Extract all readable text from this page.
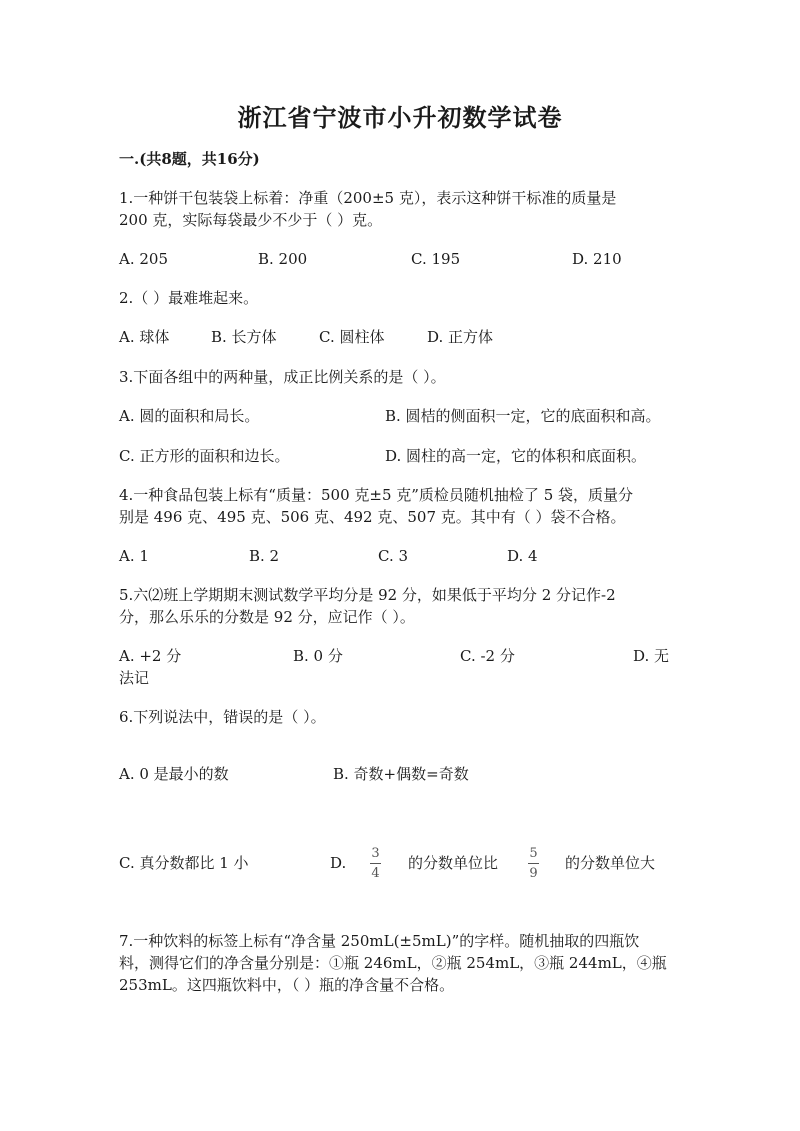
浙江省宁波市小升初数学试卷
一.(共8题，共16分)
1.一种饼干包装袋上标着：净重（200±5 克），表示这种饼干标准的质量是
200 克，实际每袋最少不少于（ ）克。
A. 205	B. 200	C. 195	D. 210
2.（ ）最难堆起来。
A. 球体	B. 长方体	C. 圆柱体	D. 正方体
3.下面各组中的两种量，成正比例关系的是（ ）。
A. 圆的面积和局长。	B. 圆桔的侧面积一定，它的底面积和高。
C. 正方形的面积和边长。	D. 圆柱的高一定，它的体积和底面积。
4.一种食品包装上标有“质量：500 克±5 克”质检员随机抽检了 5 袋，质量分
别是 496 克、495 克、506 克、492 克、507 克。其中有（ ）袋不合格。
A. 1	B. 2	C. 3	D. 4
5.六⑵班上学期期末测试数学平均分是 92 分，如果低于平均分 2 分记作-2
分，那么乐乐的分数是 92 分，应记作（ ）。
A. +2 分	B. 0 分	C. -2 分	D. 无
法记
6.下列说法中，错误的是（ ）。
A. 0 是最小的数	B. 奇数+偶数=奇数
C. 真分数都比 1 小	D.
3
4
的分数单位比
5
9
的分数单位大
7.一种饮料的标签上标有“净含量 250mL(±5mL)”的字样。随机抽取的四瓶饮
料，测得它们的净含量分别是：①瓶 246mL，②瓶 254mL，③瓶 244mL，④瓶
253mL。这四瓶饮料中，（ ）瓶的净含量不合格。
